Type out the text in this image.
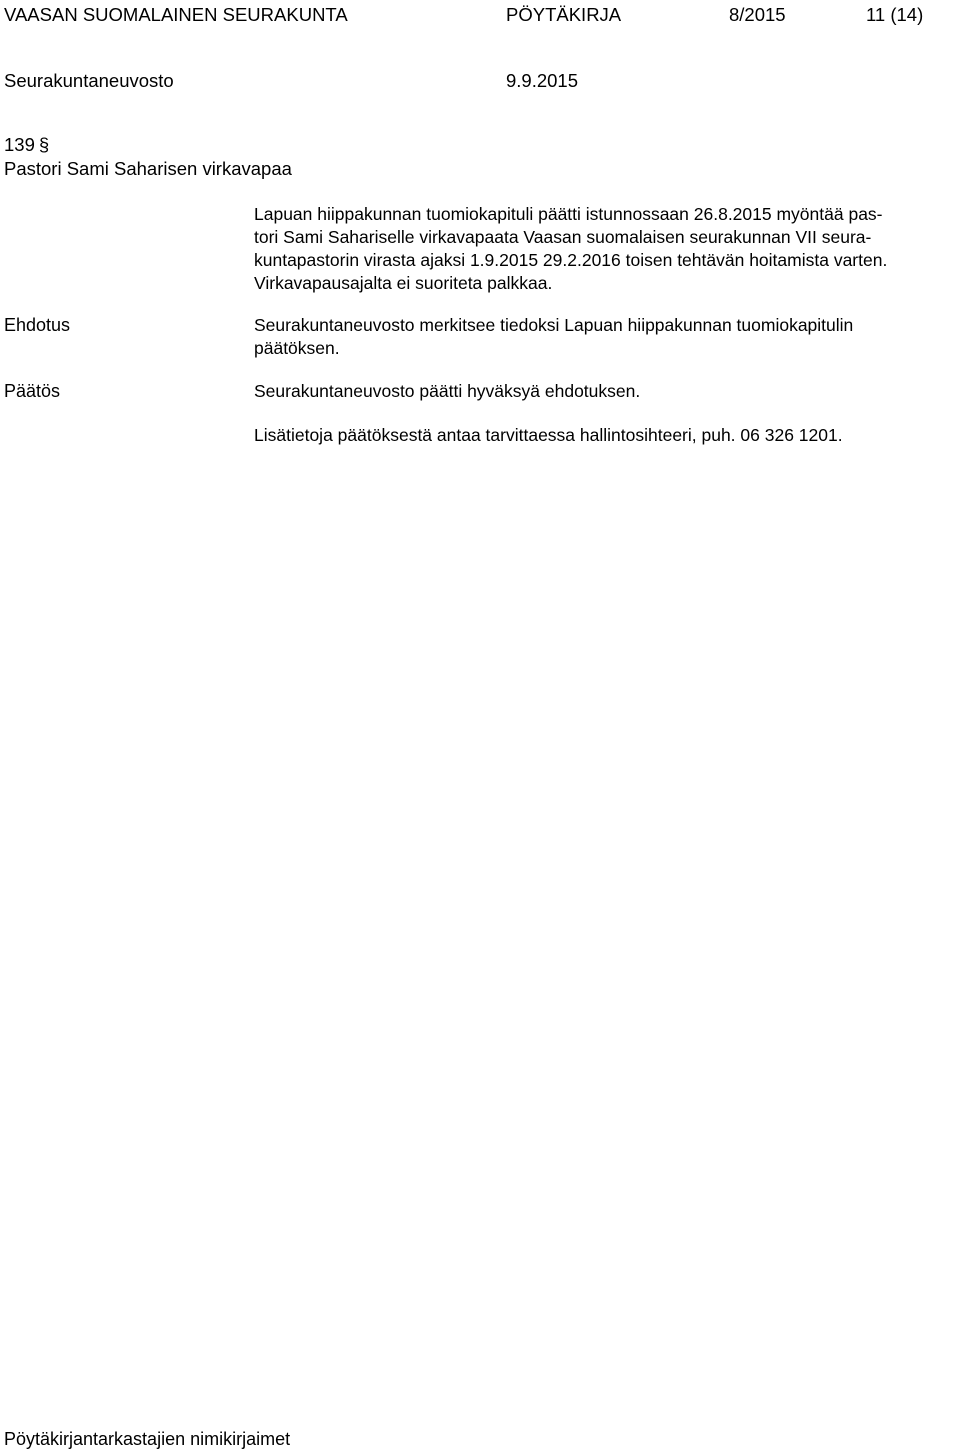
VAASAN SUOMALAINEN SEURAKUNTA	PÖYTÄKIRJA	8/2015	11 (14)
Seurakuntaneuvosto	9.9.2015
139 §
Pastori Sami Saharisen virkavapaa
Lapuan hiippakunnan tuomiokapituli päätti istunnossaan 26.8.2015 myöntää pas-
tori Sami Sahariselle virkavapaata Vaasan suomalaisen seurakunnan VII seura-
kuntapastorin virasta ajaksi 1.9.2015 29.2.2016 toisen tehtävän hoitamista varten.
Virkavapausajalta ei suoriteta palkkaa.
Ehdotus	Seurakuntaneuvosto merkitsee tiedoksi Lapuan hiippakunnan tuomiokapitulin
päätöksen.
Päätös	Seurakuntaneuvosto päätti hyväksyä ehdotuksen.
Lisätietoja päätöksestä antaa tarvittaessa hallintosihteeri, puh. 06 326 1201.
Pöytäkirjantarkastajien nimikirjaimet
